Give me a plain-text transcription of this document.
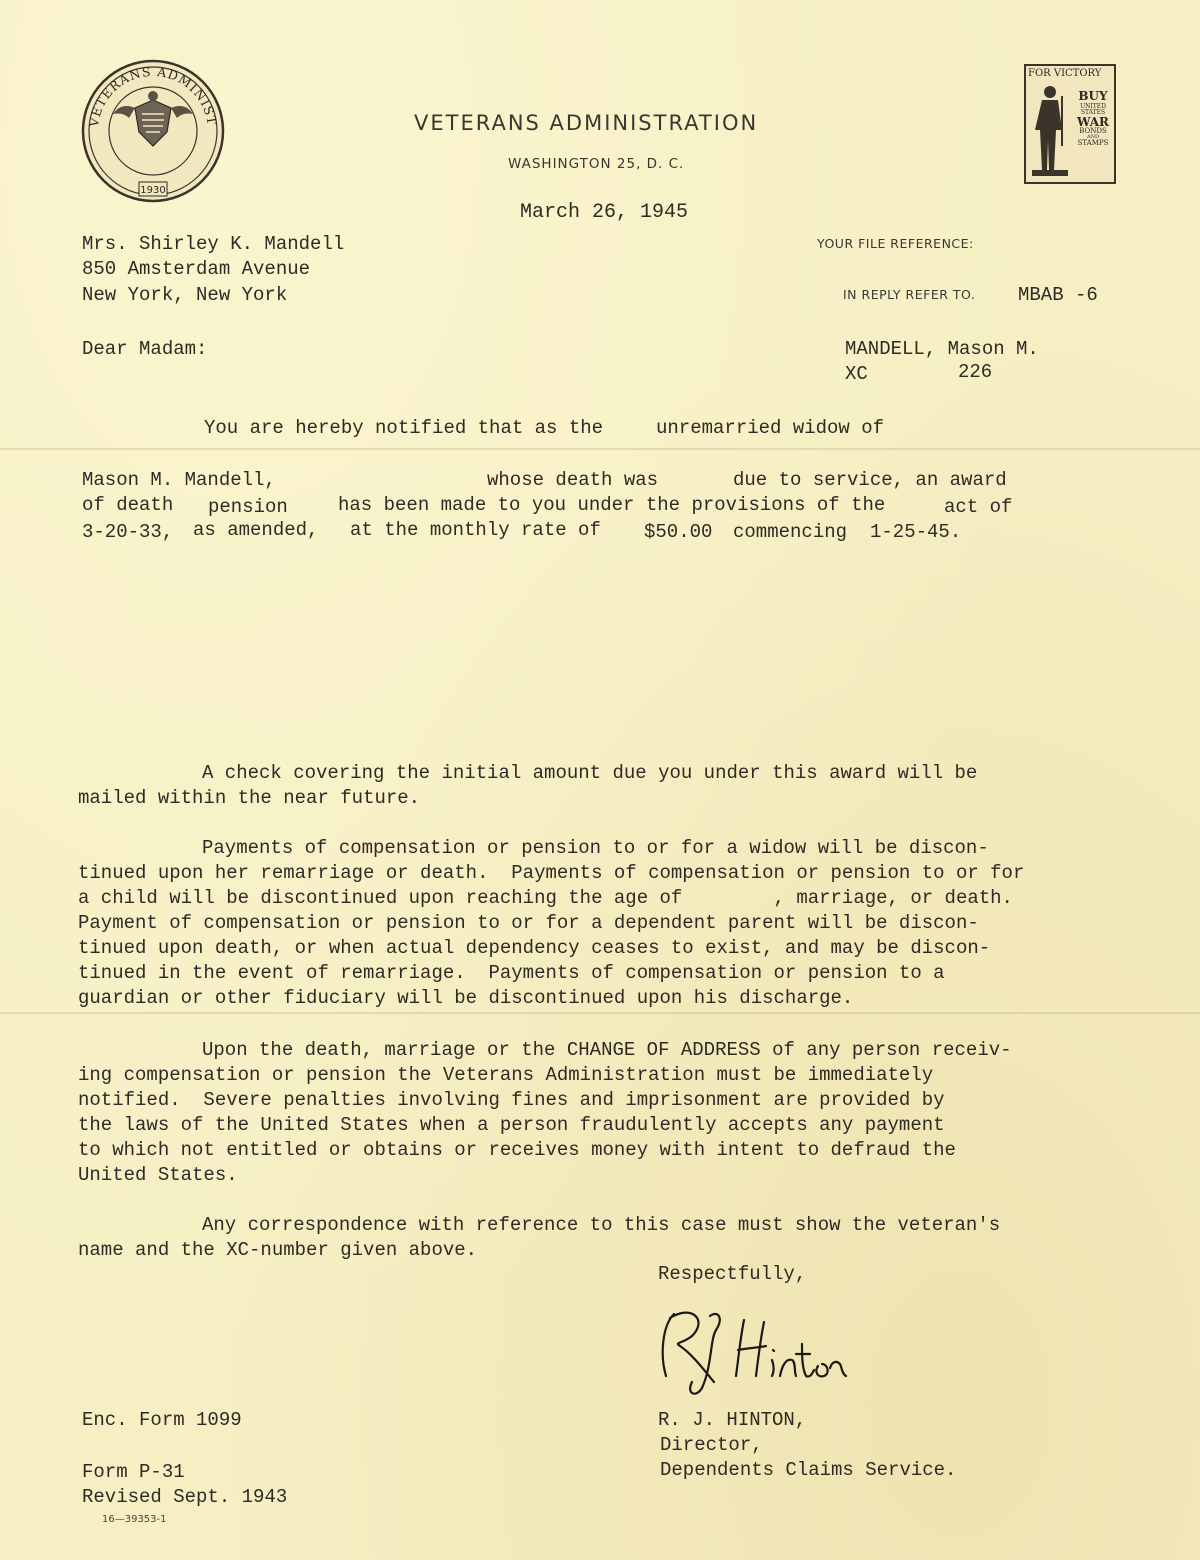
VETERANS ADMINIST
1930
VETERANS ADMINISTRATION
WASHINGTON 25, D. C.
March 26, 1945
FOR VICTORY
BUY
UNITED
STATES
WAR
BONDS
AND
STAMPS
Mrs. Shirley K. Mandell
850 Amsterdam Avenue
New York, New York
YOUR FILE REFERENCE:
IN REPLY REFER TO. MBAB -6
MANDELL, Mason M.
XC	226
Dear Madam:
You are hereby notified that as the	unremarried widow of
Mason M. Mandell,	whose death was	due to service, an award
of death pension	has been made to you under the provisions of the	act of
3-20-33, as amended, at the monthly rate of $50.00 commencing 1-25-45.
A check covering the initial amount due you under this award will be
mailed within the near future.
Payments of compensation or pension to or for a widow will be discon-
tinued upon her remarriage or death.  Payments of compensation or pension to or for
a child will be discontinued upon reaching the age of        , marriage, or death.
Payment of compensation or pension to or for a dependent parent will be discon-
tinued upon death, or when actual dependency ceases to exist, and may be discon-
tinued in the event of remarriage.  Payments of compensation or pension to a
guardian or other fiduciary will be discontinued upon his discharge.
Upon the death, marriage or the CHANGE OF ADDRESS of any person receiv-
ing compensation or pension the Veterans Administration must be immediately
notified.  Severe penalties involving fines and imprisonment are provided by
the laws of the United States when a person fraudulently accepts any payment
to which not entitled or obtains or receives money with intent to defraud the
United States.
Any correspondence with reference to this case must show the veteran's
name and the XC-number given above.
Respectfully,
R. J. HINTON,
Director,
Dependents Claims Service.
Enc. Form 1099
Form P-31
Revised Sept. 1943
16—39353-1
